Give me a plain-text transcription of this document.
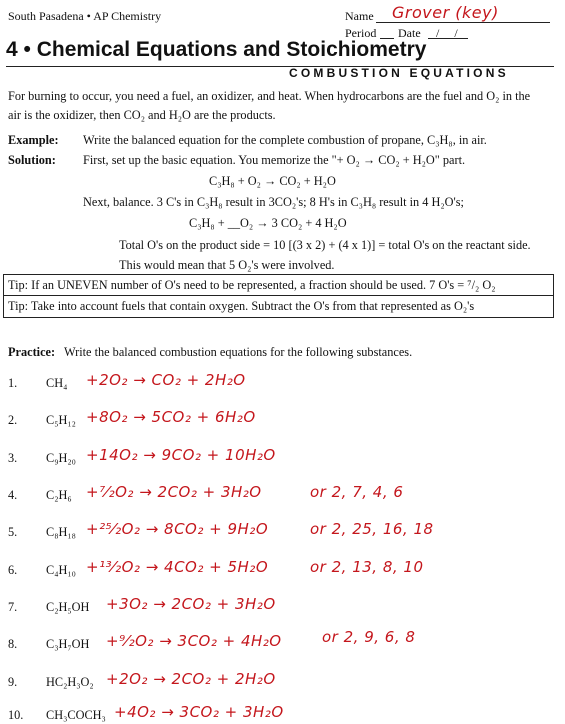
South Pasadena • AP Chemistry	Name Grover (key)
Period Date / /
4 • Chemical Equations and Stoichiometry
COMBUSTION EQUATIONS
For burning to occur, you need a fuel, an oxidizer, and heat. When hydrocarbons are the fuel and O₂ in the
air is the oxidizer, then CO₂ and H₂O are the products.
Example: Write the balanced equation for the complete combustion of propane, C₃H₈, in air.
Solution: First, set up the basic equation. You memorize the "+ O₂ → CO₂ + H₂O" part.
C₃H₈ + O₂ → CO₂ + H₂O
Next, balance. 3 C's in C₃H₈ result in 3CO₂'s; 8 H's in C₃H₈ result in 4 H₂O's;
C₃H₈ + __O₂ → 3 CO₂ + 4 H₂O
Total O's on the product side = 10 [(3 x 2) + (4 x 1)] = total O's on the reactant side.
This would mean that 5 O₂'s were involved.
Tip: If an UNEVEN number of O's need to be represented, a fraction should be used. 7 O's = ⁷/₂ O₂
Tip: Take into account fuels that contain oxygen. Subtract the O's from that represented as O₂'s
Practice: Write the balanced combustion equations for the following substances.
1. CH₄ +2O₂ → CO₂ + 2H₂O
2. C₅H₁₂ +8O₂ → 5CO₂ + 6H₂O
3. C₉H₂₀ +14O₂ → 9CO₂ + 10H₂O
4. C₂H₆ +⁷⁄₂O₂ → 2CO₂ + 3H₂O	or 2, 7, 4, 6
5. C₈H₁₈ +²⁵⁄₂O₂ → 8CO₂ + 9H₂O	or 2, 25, 16, 18
6. C₄H₁₀ +¹³⁄₂O₂ → 4CO₂ + 5H₂O	or 2, 13, 8, 10
7. C₂H₅OH +3O₂ → 2CO₂ + 3H₂O
8. C₃H₇OH +⁹⁄₂O₂ → 3CO₂ + 4H₂O	or 2, 9, 6, 8
9. HC₂H₃O₂ +2O₂ → 2CO₂ + 2H₂O
10. CH₃COCH₃ +4O₂ → 3CO₂ + 3H₂O
